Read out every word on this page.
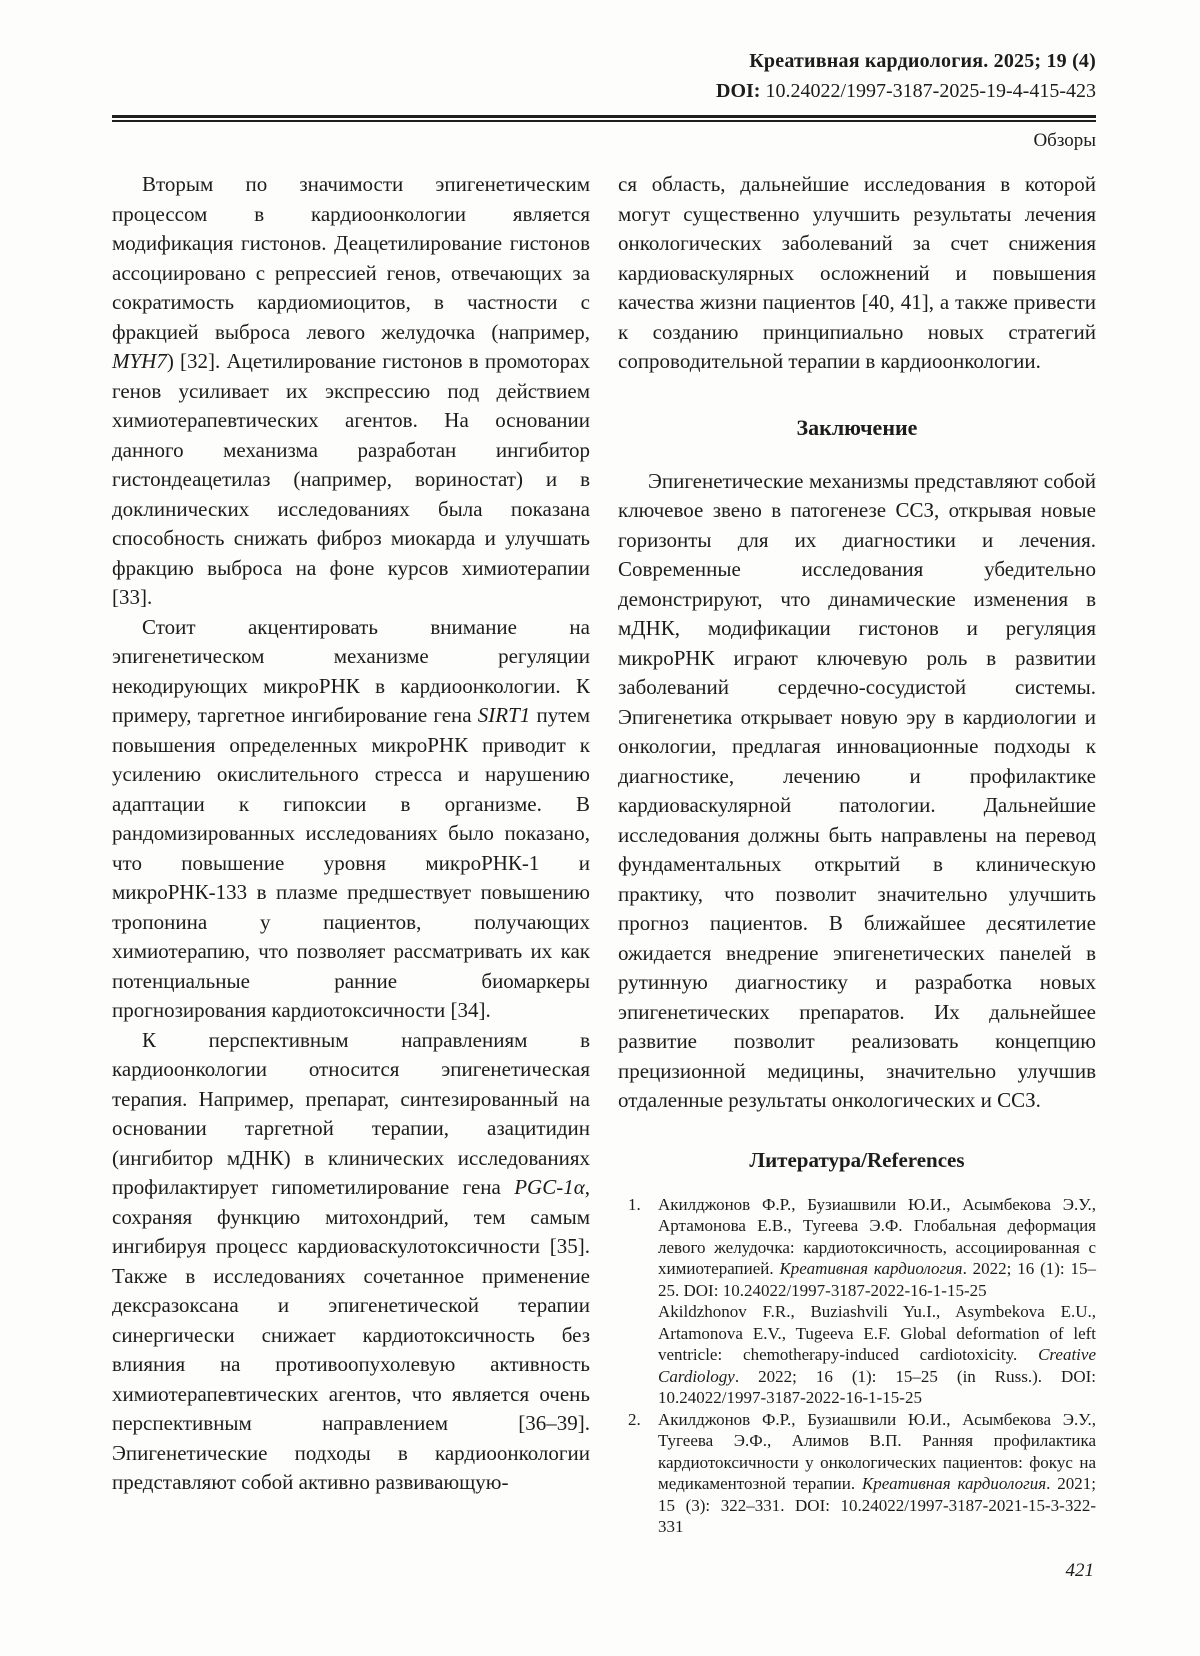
Креативная кардиология. 2025; 19 (4)
DOI: 10.24022/1997-3187-2025-19-4-415-423
Обзоры

Вторым по значимости эпигенетическим процессом в кардиоонкологии является модификация гистонов. Деацетилирование гистонов ассоциировано с репрессией генов, отвечающих за сократимость кардиомиоцитов, в частности с фракцией выброса левого желудочка (например, MYH7) [32]. Ацетилирование гистонов в промоторах генов усиливает их экспрессию под действием химиотерапевтических агентов. На основании данного механизма разработан ингибитор гистондеацетилаз (например, вориностат) и в доклинических исследованиях была показана способность снижать фиброз миокарда и улучшать фракцию выброса на фоне курсов химиотерапии [33].

Стоит акцентировать внимание на эпигенетическом механизме регуляции некодирующих микроРНК в кардиоонкологии. К примеру, таргетное ингибирование гена SIRT1 путем повышения определенных микроРНК приводит к усилению окислительного стресса и нарушению адаптации к гипоксии в организме. В рандомизированных исследованиях было показано, что повышение уровня микроРНК-1 и микроРНК-133 в плазме предшествует повышению тропонина у пациентов, получающих химиотерапию, что позволяет рассматривать их как потенциальные ранние биомаркеры прогнозирования кардиотоксичности [34].

К перспективным направлениям в кардиоонкологии относится эпигенетическая терапия. Например, препарат, синтезированный на основании таргетной терапии, азацитидин (ингибитор мДНК) в клинических исследованиях профилактирует гипометилирование гена PGC-1α, сохраняя функцию митохондрий, тем самым ингибируя процесс кардиоваскулотоксичности [35]. Также в исследованиях сочетанное применение дексразоксана и эпигенетической терапии синергически снижает кардиотоксичность без влияния на противоопухолевую активность химиотерапевтических агентов, что является очень перспективным направлением [36–39]. Эпигенетические подходы в кардиоонкологии представляют собой активно развивающую-

ся область, дальнейшие исследования в которой могут существенно улучшить результаты лечения онкологических заболеваний за счет снижения кардиоваскулярных осложнений и повышения качества жизни пациентов [40, 41], а также привести к созданию принципиально новых стратегий сопроводительной терапии в кардиоонкологии.

Заключение

Эпигенетические механизмы представляют собой ключевое звено в патогенезе ССЗ, открывая новые горизонты для их диагностики и лечения. Современные исследования убедительно демонстрируют, что динамические изменения в мДНК, модификации гистонов и регуляция микроРНК играют ключевую роль в развитии заболеваний сердечно-сосудистой системы. Эпигенетика открывает новую эру в кардиологии и онкологии, предлагая инновационные подходы к диагностике, лечению и профилактике кардиоваскулярной патологии. Дальнейшие исследования должны быть направлены на перевод фундаментальных открытий в клиническую практику, что позволит значительно улучшить прогноз пациентов. В ближайшее десятилетие ожидается внедрение эпигенетических панелей в рутинную диагностику и разработка новых эпигенетических препаратов. Их дальнейшее развитие позволит реализовать концепцию прецизионной медицины, значительно улучшив отдаленные результаты онкологических и ССЗ.

Литература/References
1.	Акилджонов Ф.Р., Бузиашвили Ю.И., Асымбекова Э.У., Артамонова Е.В., Тугеева Э.Ф. Глобальная деформация левого желудочка: кардиотоксичность, ассоциированная с химиотерапией. Креативная кардиология. 2022; 16 (1): 15–25. DOI: 10.24022/1997-3187-2022-16-1-15-25

Akildzhonov F.R., Buziashvili Yu.I., Asymbekova E.U., Artamonova E.V., Tugeeva E.F. Global deformation of left ventricle: chemotherapy-induced cardiotoxicity. Creative Cardiology. 2022; 16 (1): 15–25 (in Russ.). DOI: 10.24022/1997-3187-2022-16-1-15-25

2.	Акилджонов Ф.Р., Бузиашвили Ю.И., Асымбекова Э.У., Тугеева Э.Ф., Алимов В.П. Ранняя профилактика кардиотоксичности у онкологических пациентов: фокус на медикаментозной терапии. Креативная кардиология. 2021; 15 (3): 322–331. DOI: 10.24022/1997-3187-2021-15-3-322-331

421
